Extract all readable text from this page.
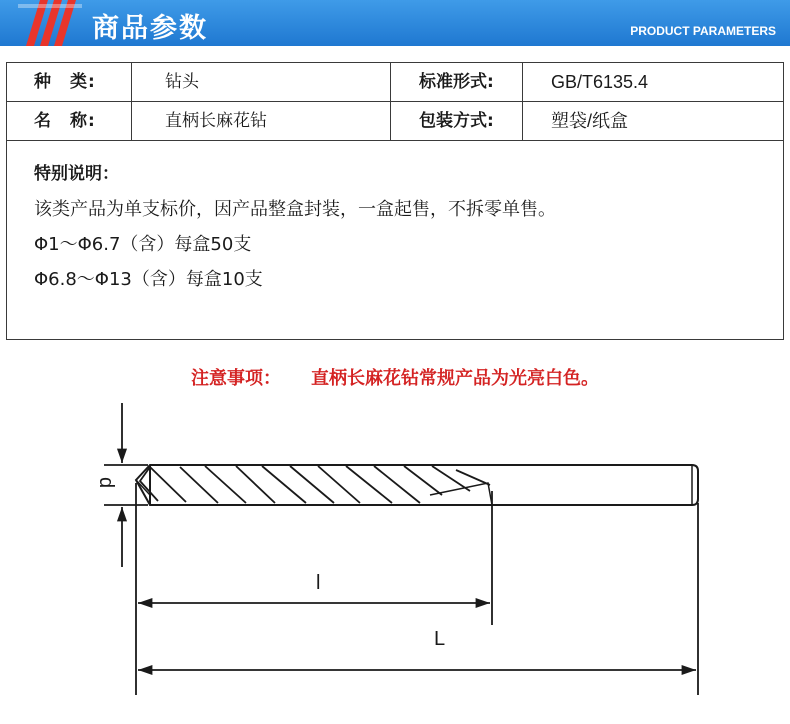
商品参数	PRODUCT PARAMETERS
种　类:	钻头	标准形式:	GB/T6135.4
名　称:	直柄长麻花钻	包装方式:	塑袋/纸盒
特别说明：
该类产品为单支标价，因产品整盒封装，一盒起售，不拆零单售。
Φ1～Φ6.7（含）每盒50支
Φ6.8～Φ13（含）每盒10支
注意事项： 直柄长麻花钻常规产品为光亮白色。
d
l
L
